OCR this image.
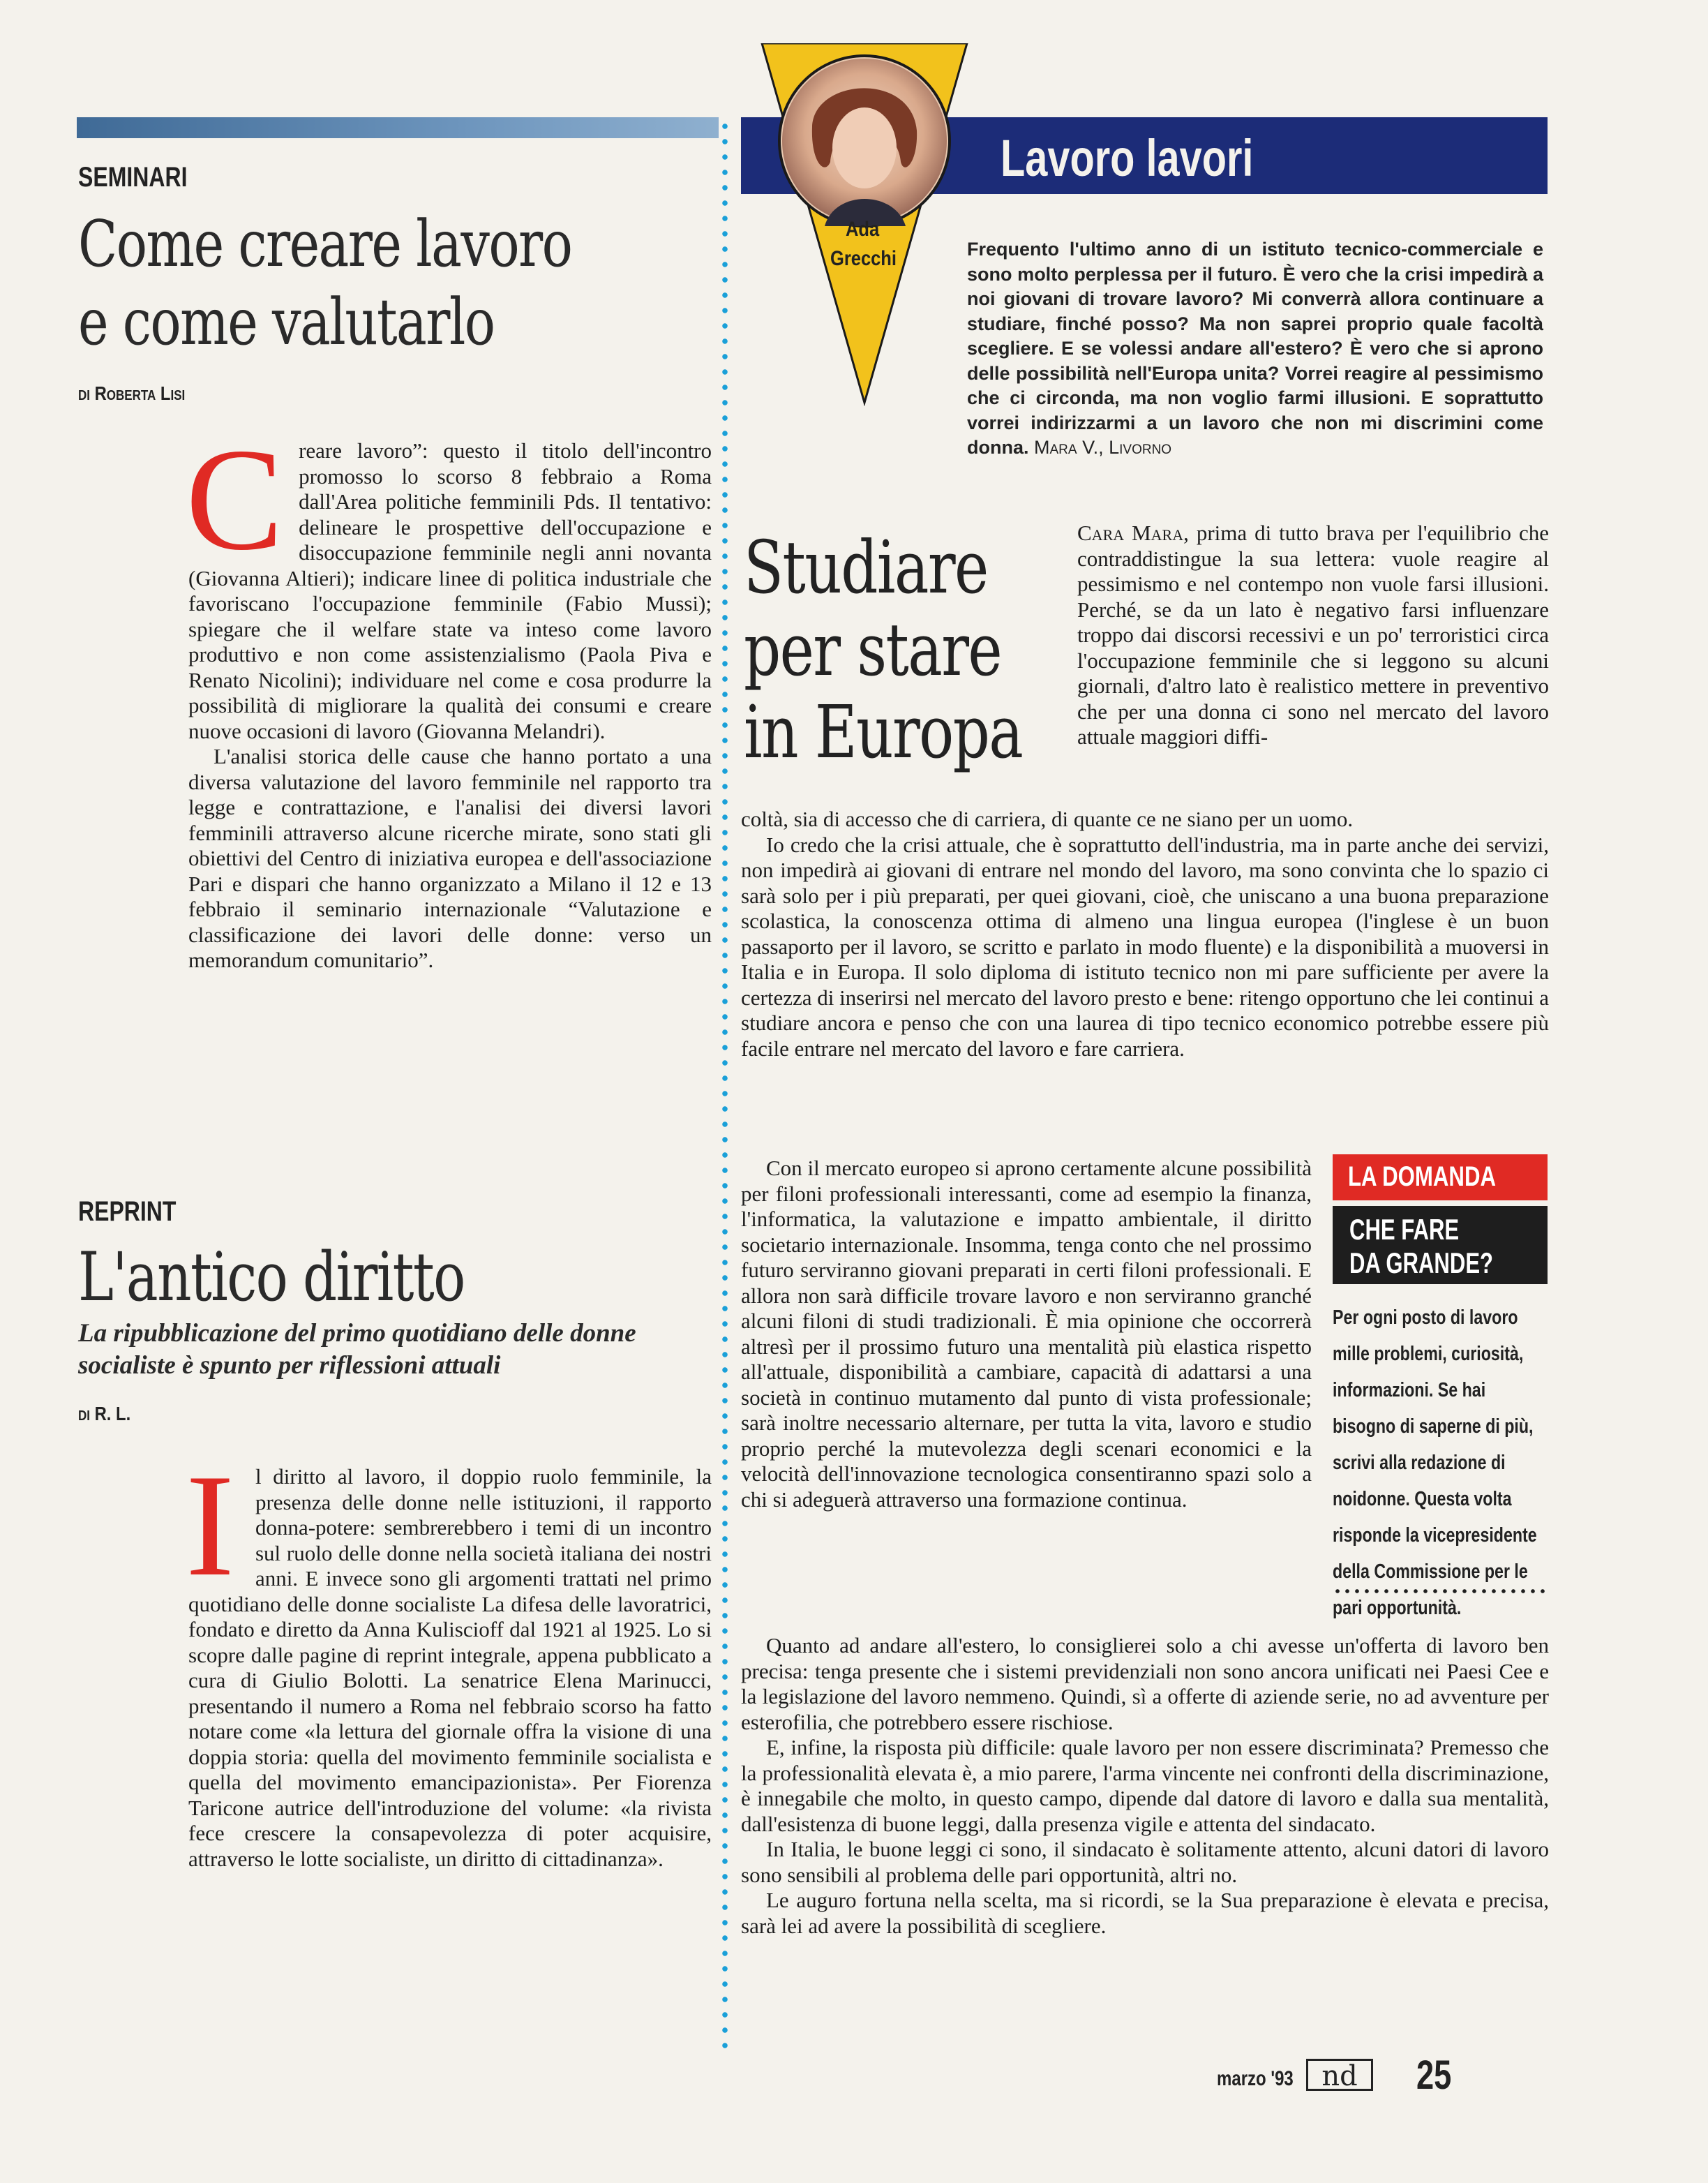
SEMINARI
Come creare lavoro
e come valutarlo
di Roberta Lisi

Creare lavoro”: questo il titolo dell'incontro promosso lo scorso 8 febbraio a Roma dall'Area politiche femminili Pds. Il tentativo: delineare le prospettive dell'occupazione e disoccupazione femminile negli anni novanta (Giovanna Altieri); indicare linee di politica industriale che favoriscano l'occupazione femminile (Fabio Mussi); spiegare che il welfare state va inteso come lavoro produttivo e non come assistenzialismo (Paola Piva e Renato Nicolini); individuare nel come e cosa produrre la possibilità di migliorare la qualità dei consumi e creare nuove occasioni di lavoro (Giovanna Melandri).

L'analisi storica delle cause che hanno portato a una diversa valutazione del lavoro femminile nel rapporto tra legge e contrattazione, e l'analisi dei diversi lavori femminili attraverso alcune ricerche mirate, sono stati gli obiettivi del Centro di iniziativa europea e dell'associazione Pari e dispari che hanno organizzato a Milano il 12 e 13 febbraio il seminario internazionale “Valutazione e classificazione dei lavori delle donne: verso un memorandum comunitario”.

REPRINT
L'antico diritto
La ripubblicazione del primo quotidiano delle donne socialiste è spunto per riflessioni attuali
di R. L.

Il diritto al lavoro, il doppio ruolo femminile, la presenza delle donne nelle istituzioni, il rapporto donna-potere: sembrerebbero i temi di un incontro sul ruolo delle donne nella società italiana dei nostri anni. E invece sono gli argomenti trattati nel primo quotidiano delle donne socialiste La difesa delle lavoratrici, fondato e diretto da Anna Kuliscioff dal 1921 al 1925. Lo si scopre dalle pagine di reprint integrale, appena pubblicato a cura di Giulio Bolotti. La senatrice Elena Marinucci, presentando il numero a Roma nel febbraio scorso ha fatto notare come «la lettura del giornale offra la visione di una doppia storia: quella del movimento femminile socialista e quella del movimento emancipazionista». Per Fiorenza Taricone autrice dell'introduzione del volume: «la rivista fece crescere la consapevolezza di poter acquisire, attraverso le lotte socialiste, un diritto di cittadinanza».

Lavoro lavori
Ada
Grecchi	Frequento l'ultimo anno di un istituto tecnico-commerciale e sono molto perplessa per il futuro. È vero che la crisi impedirà a noi giovani di trovare lavoro? Mi converrà allora continuare a studiare, finché posso? Ma non saprei proprio quale facoltà scegliere. E se volessi andare all'estero? È vero che si aprono delle possibilità nell'Europa unita? Vorrei reagire al pessimismo che ci circonda, ma non voglio farmi illusioni. E soprattutto vorrei indirizzarmi a un lavoro che non mi discrimini come donna. Mara V., Livorno
Studiare
per stare
in Europa
Cara Mara, prima di tutto brava per l'equilibrio che contraddistingue la sua lettera: vuole reagire al pessimismo e nel contempo non vuole farsi illusioni. Perché, se da un lato è negativo farsi influenzare troppo dai discorsi recessivi e un po' terroristici circa l'occupazione femminile che si leggono su alcuni giornali, d'altro lato è realistico mettere in preventivo che per una donna ci sono nel mercato del lavoro attuale maggiori diffi-

coltà, sia di accesso che di carriera, di quante ce ne siano per un uomo.

Io credo che la crisi attuale, che è soprattutto dell'industria, ma in parte anche dei servizi, non impedirà ai giovani di entrare nel mondo del lavoro, ma sono convinta che lo spazio ci sarà solo per i più preparati, per quei giovani, cioè, che uniscano a una buona preparazione scolastica, la conoscenza ottima di almeno una lingua europea (l'inglese è un buon passaporto per il lavoro, se scritto e parlato in modo fluente) e la disponibilità a muoversi in Italia e in Europa. Il solo diploma di istituto tecnico non mi pare sufficiente per avere la certezza di inserirsi nel mercato del lavoro presto e bene: ritengo opportuno che lei continui a studiare ancora e penso che con una laurea di tipo tecnico economico potrebbe essere più facile entrare nel mercato del lavoro e fare carriera.

Con il mercato europeo si aprono certamente alcune possibilità per filoni professionali interessanti, come ad esempio la finanza, l'informatica, la valutazione e impatto ambientale, il diritto societario internazionale. Insomma, tenga conto che nel prossimo futuro serviranno giovani preparati in certi filoni professionali. E allora non sarà difficile trovare lavoro e non serviranno granché alcuni filoni di studi tradizionali. È mia opinione che occorrerà altresì per il prossimo futuro una mentalità più elastica rispetto all'attuale, disponibilità a cambiare, capacità di adattarsi a una società in continuo mutamento dal punto di vista professionale; sarà inoltre necessario alternare, per tutta la vita, lavoro e studio proprio perché la mutevolezza degli scenari economici e la velocità dell'innovazione tecnologica consentiranno spazi solo a chi si adeguerà attraverso una formazione continua.

Quanto ad andare all'estero, lo consiglierei solo a chi avesse un'offerta di lavoro ben precisa: tenga presente che i sistemi previdenziali non sono ancora unificati nei Paesi Cee e la legislazione del lavoro nemmeno. Quindi, sì a offerte di aziende serie, no ad avventure per esterofilia, che potrebbero essere rischiose.

E, infine, la risposta più difficile: quale lavoro per non essere discriminata? Premesso che la professionalità elevata è, a mio parere, l'arma vincente nei confronti della discriminazione, è innegabile che molto, in questo campo, dipende dal datore di lavoro e dalla sua mentalità, dall'esistenza di buone leggi, dalla presenza vigile e attenta del sindacato.

In Italia, le buone leggi ci sono, il sindacato è solitamente attento, alcuni datori di lavoro sono sensibili al problema delle pari opportunità, altri no.

Le auguro fortuna nella scelta, ma si ricordi, se la Sua preparazione è elevata e precisa, sarà lei ad avere la possibilità di scegliere.

LA DOMANDA
CHE FARE
DA GRANDE?
Per ogni posto di lavoro mille problemi, curiosità, informazioni. Se hai bisogno di saperne di più, scrivi alla redazione di noidonne. Questa volta risponde la vicepresidente della Commissione per le pari opportunità.
marzo '93	nd	25
